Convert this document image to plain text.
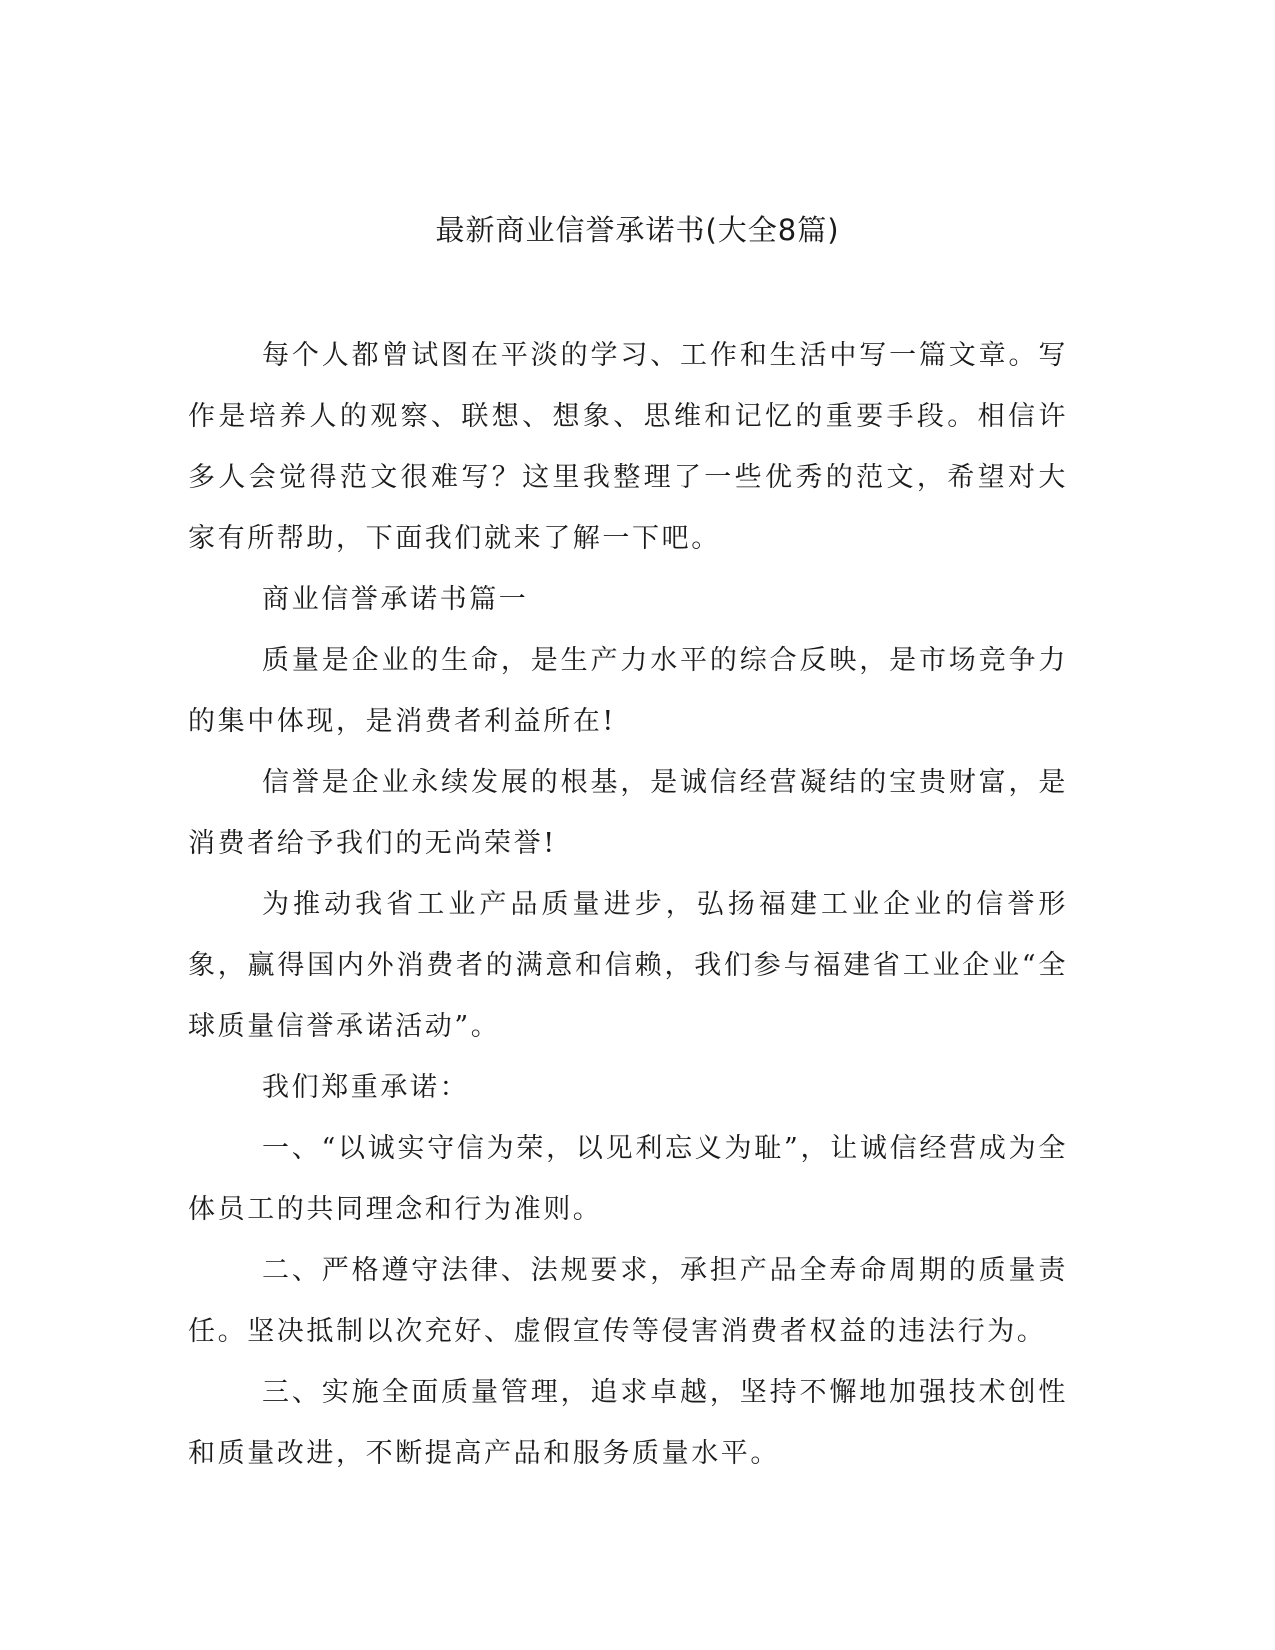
最新商业信誉承诺书(大全8篇)

每个人都曾试图在平淡的学习、工作和生活中写一篇文章。写作是培养人的观察、联想、想象、思维和记忆的重要手段。相信许多人会觉得范文很难写？这里我整理了一些优秀的范文，希望对大家有所帮助，下面我们就来了解一下吧。

商业信誉承诺书篇一

质量是企业的生命，是生产力水平的综合反映，是市场竞争力的集中体现，是消费者利益所在!

信誉是企业永续发展的根基，是诚信经营凝结的宝贵财富，是消费者给予我们的无尚荣誉!

为推动我省工业产品质量进步，弘扬福建工业企业的信誉形象，赢得国内外消费者的满意和信赖，我们参与福建省工业企业“全球质量信誉承诺活动”。

我们郑重承诺：

一、“以诚实守信为荣，以见利忘义为耻”，让诚信经营成为全体员工的共同理念和行为准则。

二、严格遵守法律、法规要求，承担产品全寿命周期的质量责任。坚决抵制以次充好、虚假宣传等侵害消费者权益的违法行为。

三、实施全面质量管理，追求卓越，坚持不懈地加强技术创性和质量改进，不断提高产品和服务质量水平。
